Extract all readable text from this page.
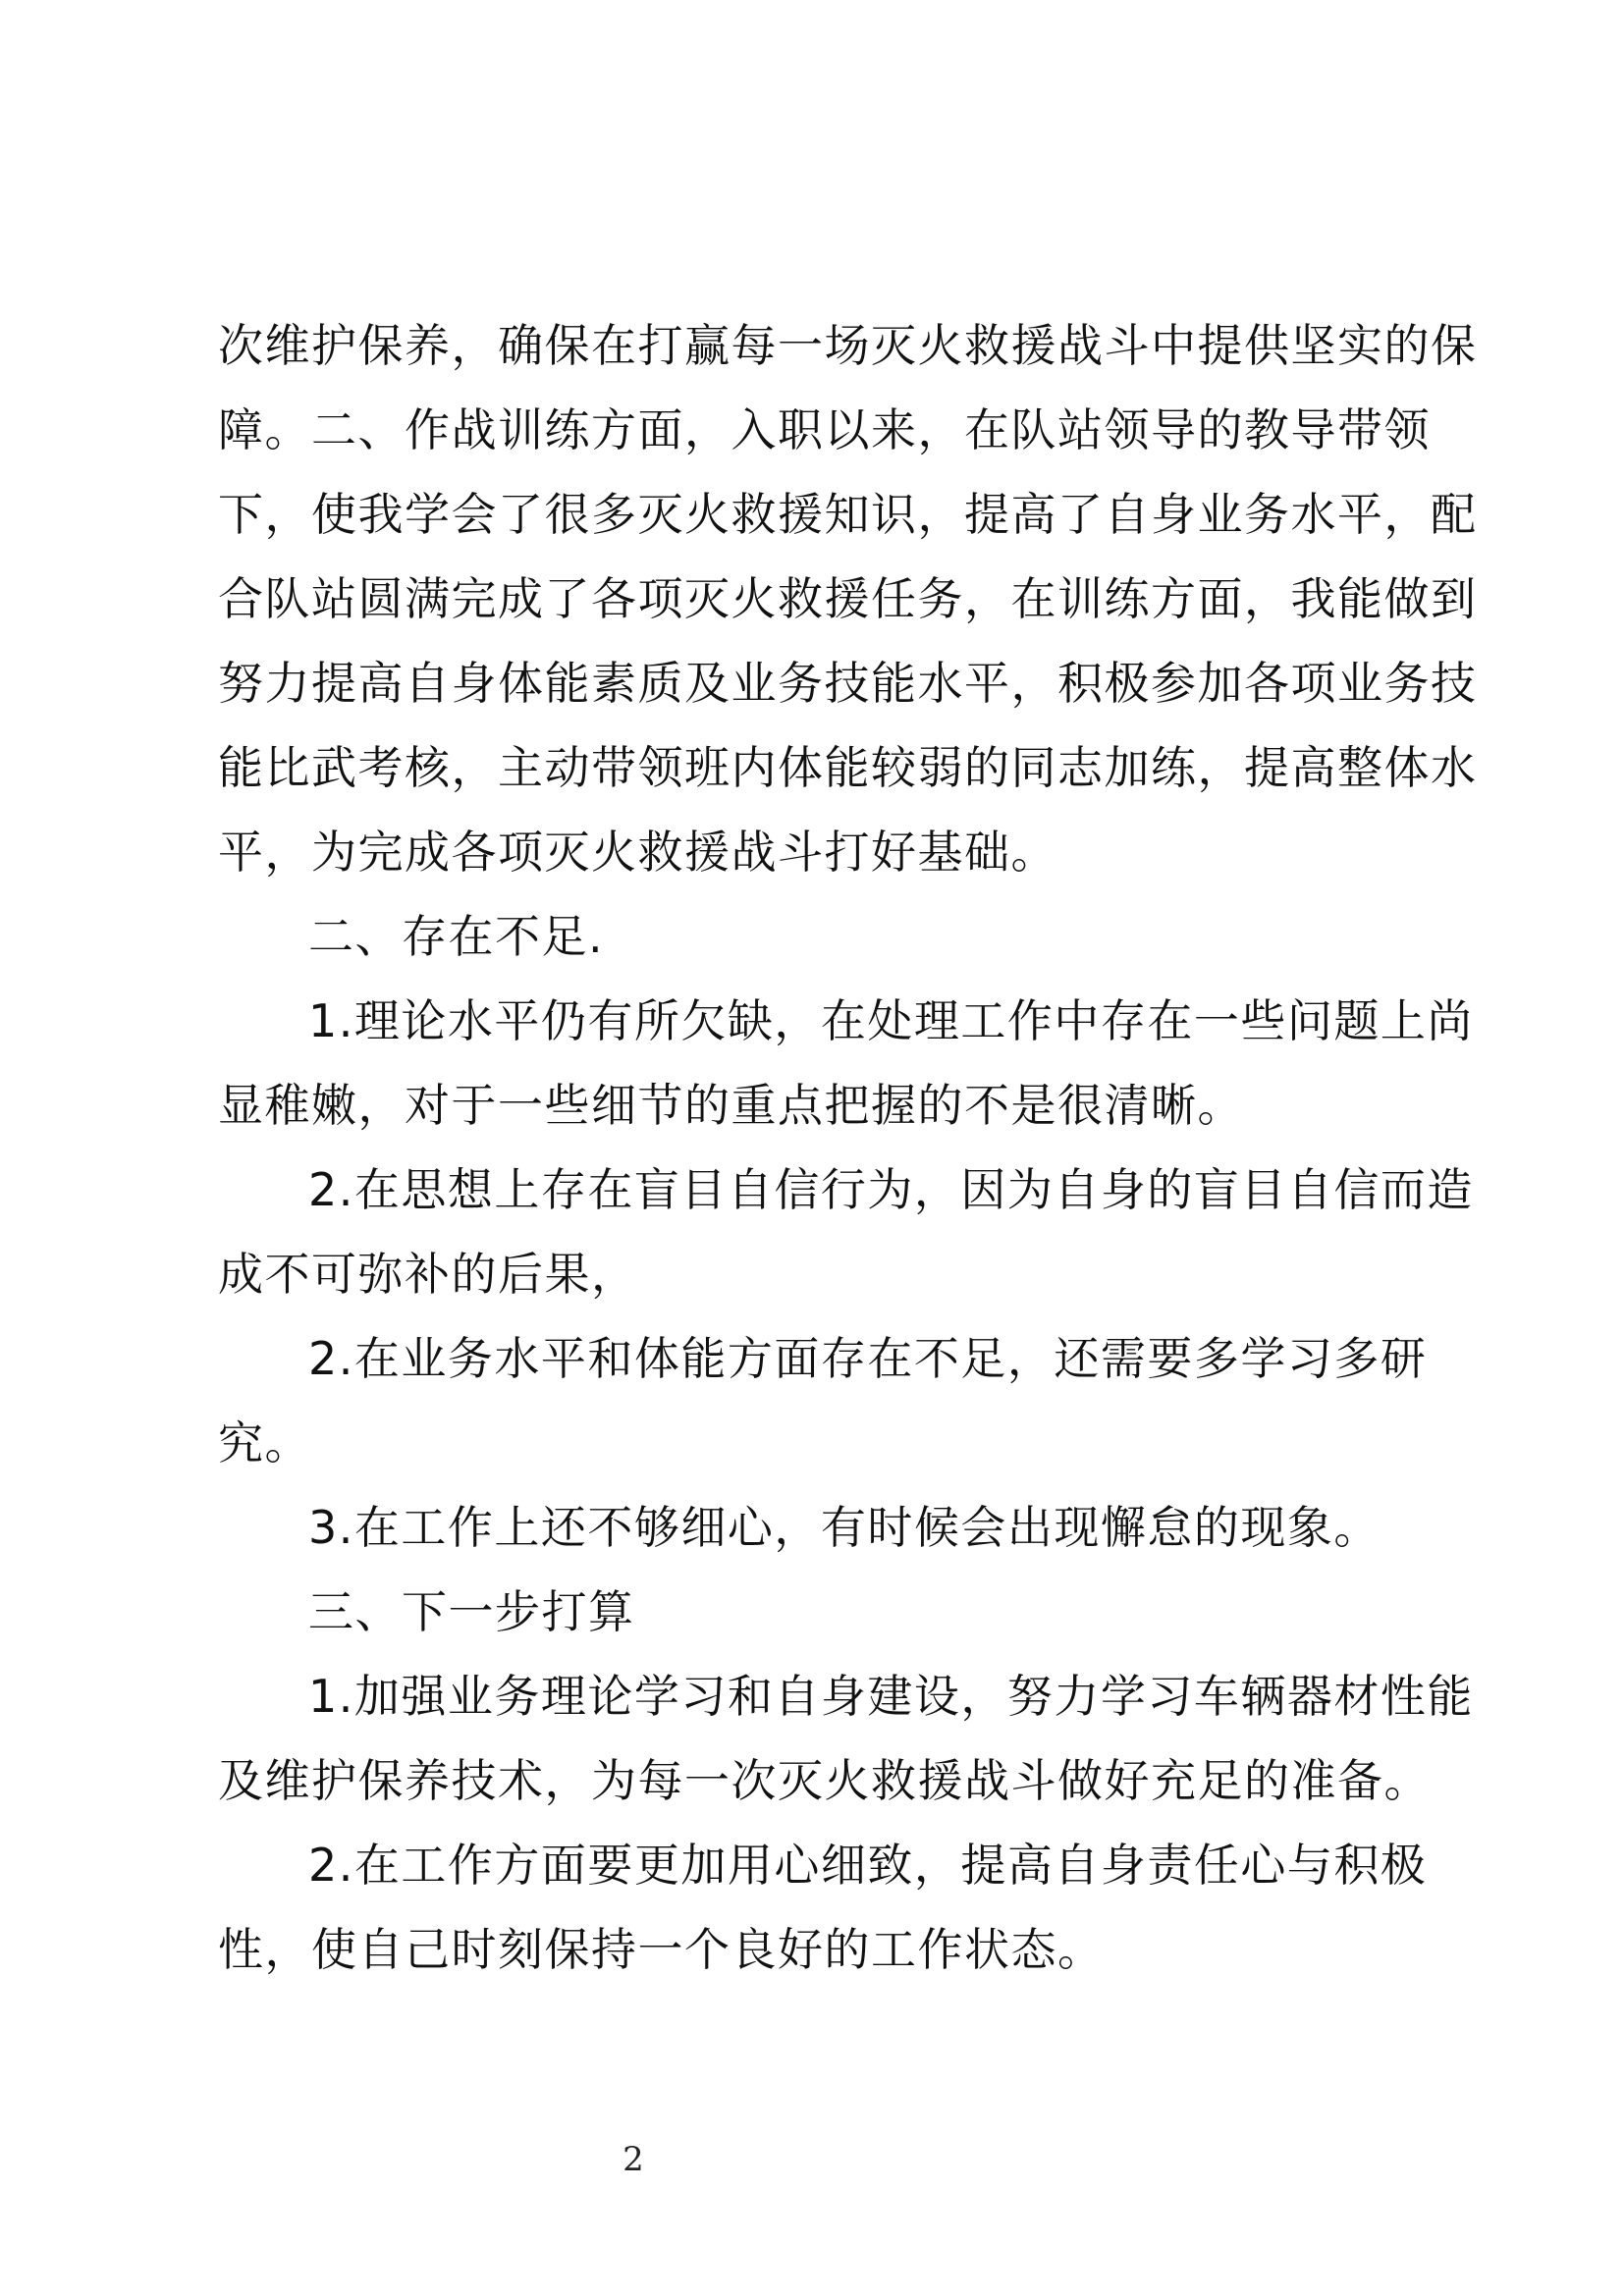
次维护保养，确保在打赢每一场灭火救援战斗中提供坚实的保
障。二、作战训练方面，入职以来，在队站领导的教导带领
下，使我学会了很多灭火救援知识，提高了自身业务水平，配
合队站圆满完成了各项灭火救援任务，在训练方面，我能做到
努力提高自身体能素质及业务技能水平，积极参加各项业务技
能比武考核，主动带领班内体能较弱的同志加练，提高整体水
平，为完成各项灭火救援战斗打好基础。
二、存在不足.
1.理论水平仍有所欠缺，在处理工作中存在一些问题上尚
显稚嫩，对于一些细节的重点把握的不是很清晰。
2.在思想上存在盲目自信行为，因为自身的盲目自信而造
成不可弥补的后果，
2.在业务水平和体能方面存在不足，还需要多学习多研
究。
3.在工作上还不够细心，有时候会出现懈怠的现象。
三、下一步打算
1.加强业务理论学习和自身建设，努力学习车辆器材性能
及维护保养技术，为每一次灭火救援战斗做好充足的准备。
2.在工作方面要更加用心细致，提高自身责任心与积极
性，使自己时刻保持一个良好的工作状态。
2
